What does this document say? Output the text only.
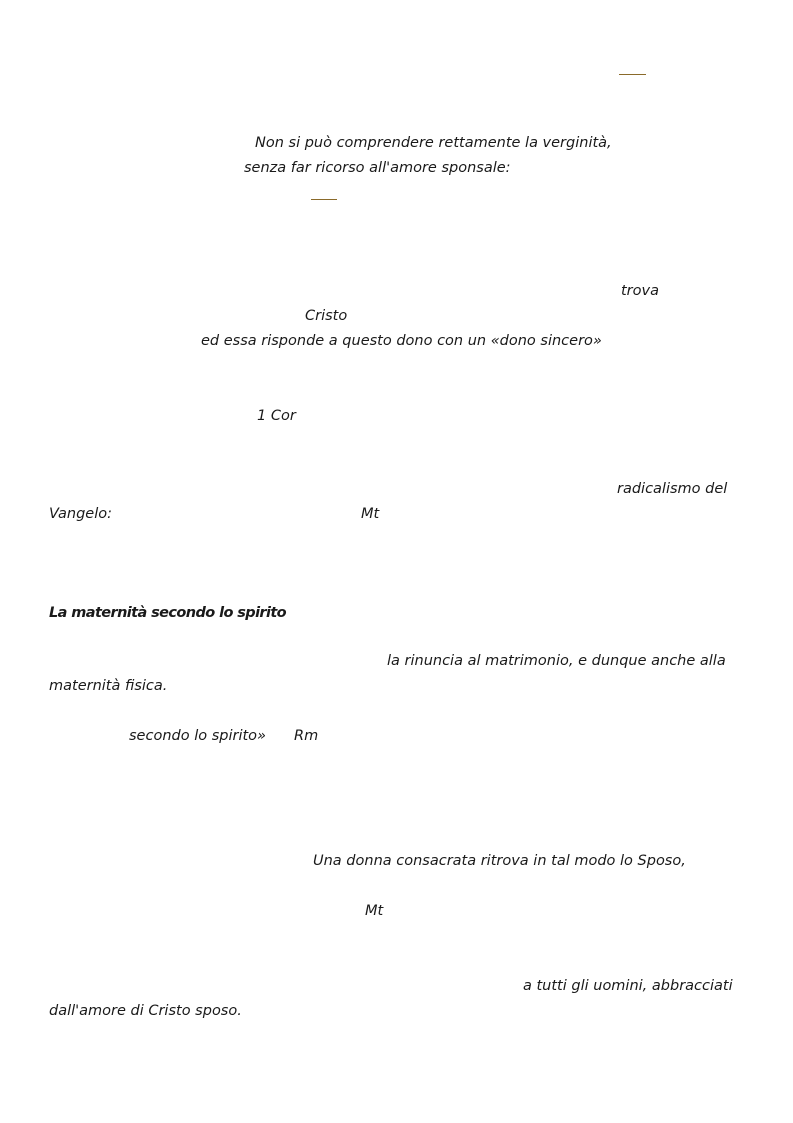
Non si può comprendere rettamente la verginità,
senza far ricorso all'amore sponsale:
trova
Cristo
ed essa risponde a questo dono con un «dono sincero»
1 Cor
radicalismo del
Vangelo:	Mt
La maternità secondo lo spirito
la rinuncia al matrimonio, e dunque anche alla
maternità fisica.
secondo lo spirito» Rm
Una donna consacrata ritrova in tal modo lo Sposo,
Mt
a tutti gli uomini, abbracciati
dall'amore di Cristo sposo.
